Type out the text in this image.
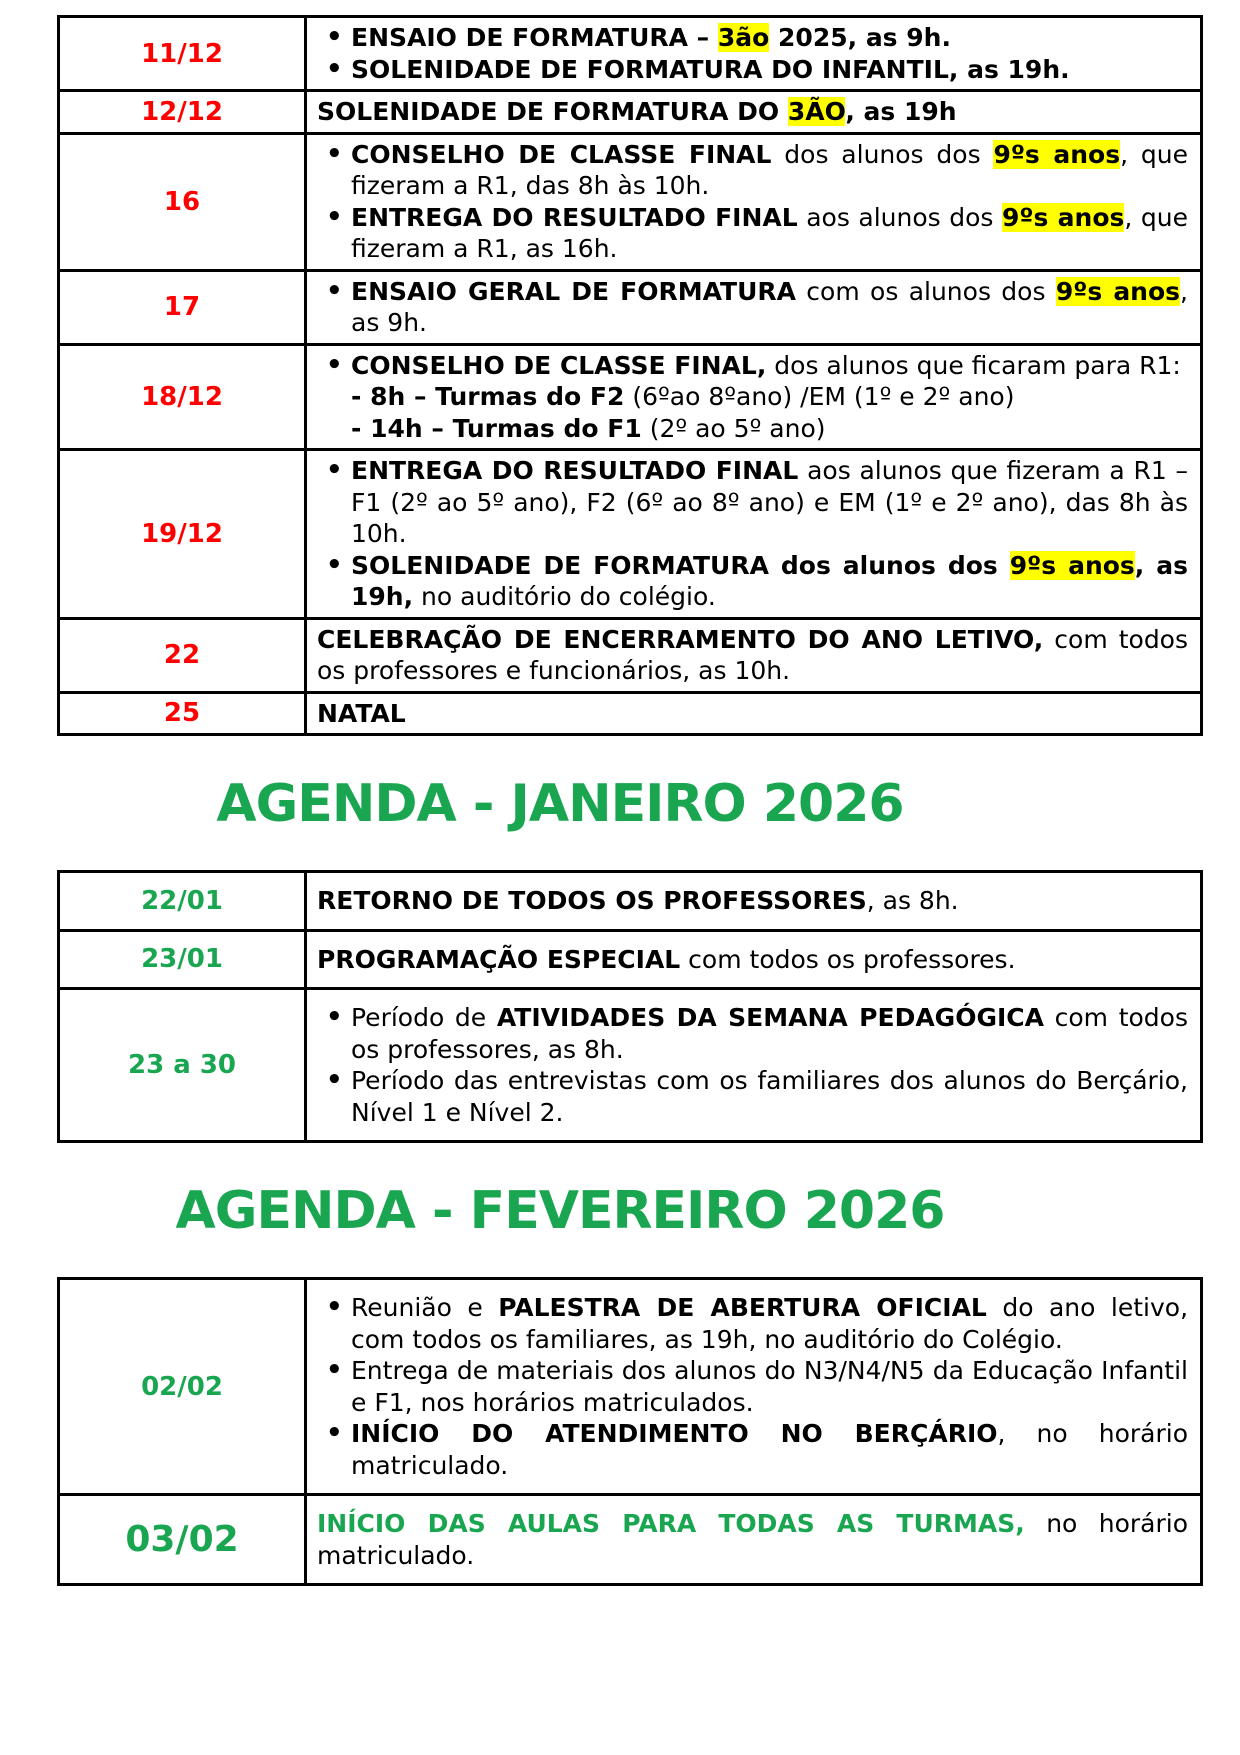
11/12	• ENSAIO DE FORMATURA – 3ão 2025, as 9h.
• SOLENIDADE DE FORMATURA DO INFANTIL, as 19h.

12/12	SOLENIDADE DE FORMATURA DO 3ÃO, as 19h

16	• CONSELHO DE CLASSE FINAL dos alunos dos 9ºs anos, que fizeram a R1, das 8h às 10h.
• ENTREGA DO RESULTADO FINAL aos alunos dos 9ºs anos, que fizeram a R1, as 16h.

17	• ENSAIO GERAL DE FORMATURA com os alunos dos 9ºs anos, as 9h.

18/12	• CONSELHO DE CLASSE FINAL, dos alunos que ficaram para R1:
- 8h – Turmas do F2 (6ºao 8ºano) /EM (1º e 2º ano)
- 14h – Turmas do F1 (2º ao 5º ano)

19/12	• ENTREGA DO RESULTADO FINAL aos alunos que fizeram a R1 – F1 (2º ao 5º ano), F2 (6º ao 8º ano) e EM (1º e 2º ano), das 8h às 10h.
• SOLENIDADE DE FORMATURA dos alunos dos 9ºs anos, as 19h, no auditório do colégio.

22	CELEBRAÇÃO DE ENCERRAMENTO DO ANO LETIVO, com todos os professores e funcionários, as 10h.

25	NATAL
AGENDA - JANEIRO 2026
22/01	RETORNO DE TODOS OS PROFESSORES, as 8h.

23/01	PROGRAMAÇÃO ESPECIAL com todos os professores.

23 a 30	• Período de ATIVIDADES DA SEMANA PEDAGÓGICA com todos os professores, as 8h.
• Período das entrevistas com os familiares dos alunos do Berçário, Nível 1 e Nível 2.
AGENDA - FEVEREIRO 2026
02/02	• Reunião e PALESTRA DE ABERTURA OFICIAL do ano letivo, com todos os familiares, as 19h, no auditório do Colégio.
• Entrega de materiais dos alunos do N3/N4/N5 da Educação Infantil e F1, nos horários matriculados.
• INÍCIO DO ATENDIMENTO NO BERÇÁRIO, no horário matriculado.

03/02	INÍCIO DAS AULAS PARA TODAS AS TURMAS, no horário matriculado.
